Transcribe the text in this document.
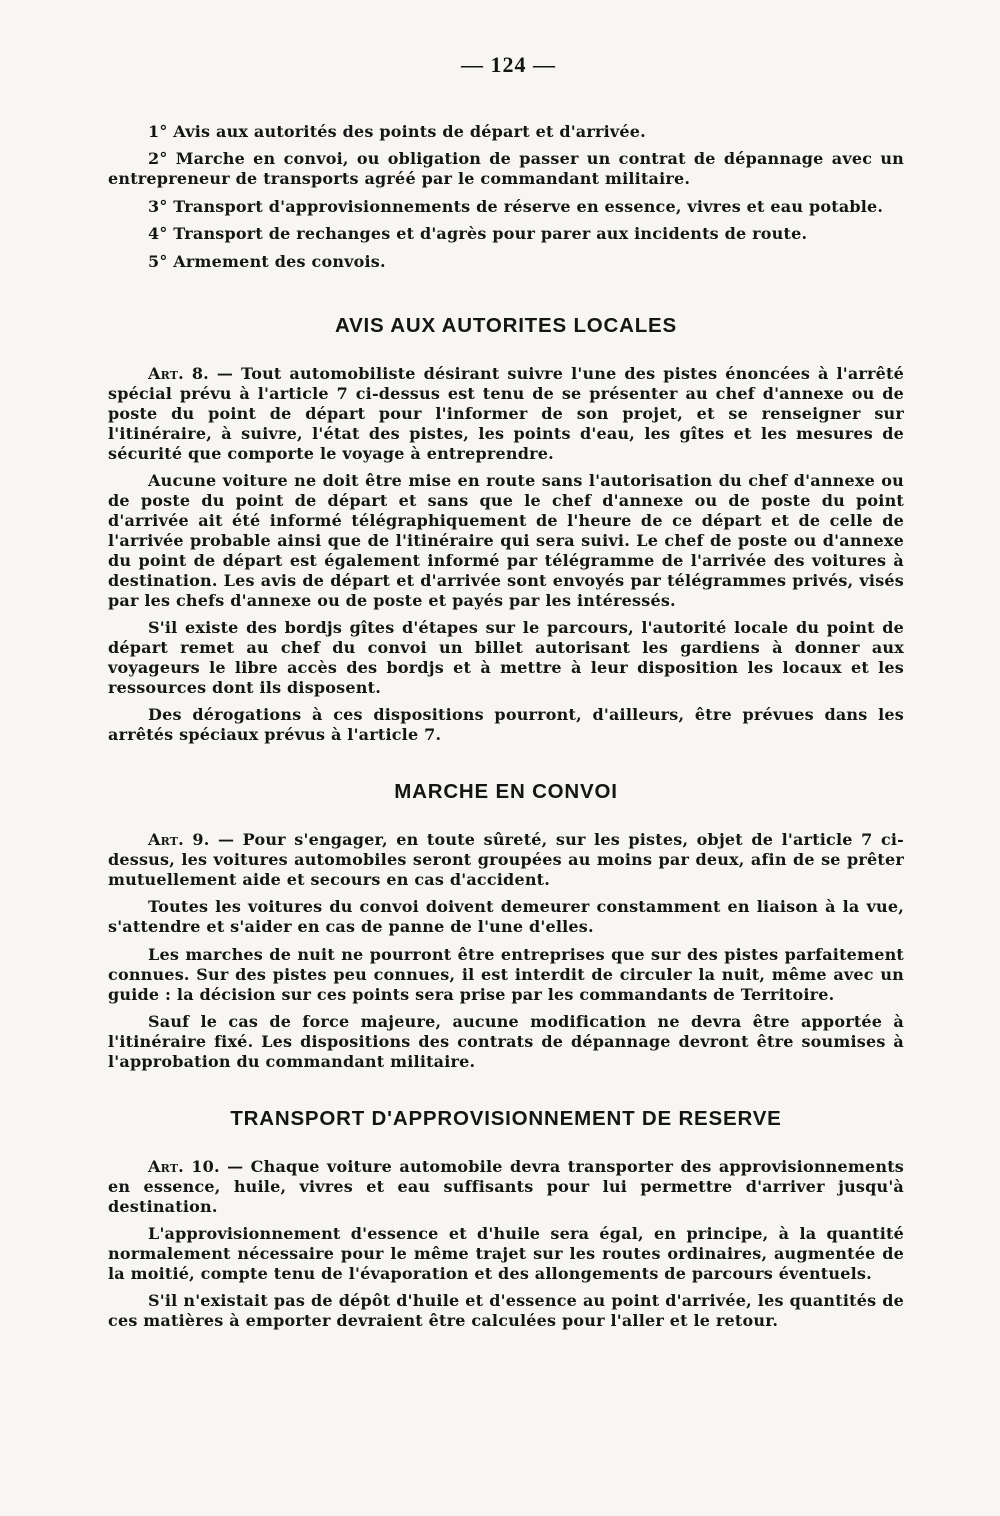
— 124 —

1° Avis aux autorités des points de départ et d'arrivée.

2° Marche en convoi, ou obligation de passer un contrat de dépannage avec un entrepreneur de transports agréé par le commandant militaire.

3° Transport d'approvisionnements de réserve en essence, vivres et eau potable.

4° Transport de rechanges et d'agrès pour parer aux incidents de route.

5° Armement des convois.

AVIS AUX AUTORITES LOCALES

Art. 8. — Tout automobiliste désirant suivre l'une des pistes énoncées à l'arrêté spécial prévu à l'article 7 ci-dessus est tenu de se présenter au chef d'annexe ou de poste du point de départ pour l'informer de son projet, et se renseigner sur l'itinéraire, à suivre, l'état des pistes, les points d'eau, les gîtes et les mesures de sécurité que comporte le voyage à entreprendre.

Aucune voiture ne doit être mise en route sans l'autorisation du chef d'annexe ou de poste du point de départ et sans que le chef d'annexe ou de poste du point d'arrivée ait été informé télégraphiquement de l'heure de ce départ et de celle de l'arrivée probable ainsi que de l'itinéraire qui sera suivi. Le chef de poste ou d'annexe du point de départ est également informé par télégramme de l'arrivée des voitures à destination. Les avis de départ et d'arrivée sont envoyés par télégrammes privés, visés par les chefs d'annexe ou de poste et payés par les intéressés.

S'il existe des bordjs gîtes d'étapes sur le parcours, l'autorité locale du point de départ remet au chef du convoi un billet autorisant les gardiens à donner aux voyageurs le libre accès des bordjs et à mettre à leur disposition les locaux et les ressources dont ils disposent.

Des dérogations à ces dispositions pourront, d'ailleurs, être prévues dans les arrêtés spéciaux prévus à l'article 7.

MARCHE EN CONVOI

Art. 9. — Pour s'engager, en toute sûreté, sur les pistes, objet de l'article 7 ci-dessus, les voitures automobiles seront groupées au moins par deux, afin de se prêter mutuellement aide et secours en cas d'accident.

Toutes les voitures du convoi doivent demeurer constamment en liaison à la vue, s'attendre et s'aider en cas de panne de l'une d'elles.

Les marches de nuit ne pourront être entreprises que sur des pistes parfaitement connues. Sur des pistes peu connues, il est interdit de circuler la nuit, même avec un guide : la décision sur ces points sera prise par les commandants de Territoire.

Sauf le cas de force majeure, aucune modification ne devra être apportée à l'itinéraire fixé. Les dispositions des contrats de dépannage devront être soumises à l'approbation du commandant militaire.

TRANSPORT D'APPROVISIONNEMENT DE RESERVE

Art. 10. — Chaque voiture automobile devra transporter des approvisionnements en essence, huile, vivres et eau suffisants pour lui permettre d'arriver jusqu'à destination.

L'approvisionnement d'essence et d'huile sera égal, en principe, à la quantité normalement nécessaire pour le même trajet sur les routes ordinaires, augmentée de la moitié, compte tenu de l'évaporation et des allongements de parcours éventuels.

S'il n'existait pas de dépôt d'huile et d'essence au point d'arrivée, les quantités de ces matières à emporter devraient être calculées pour l'aller et le retour.
